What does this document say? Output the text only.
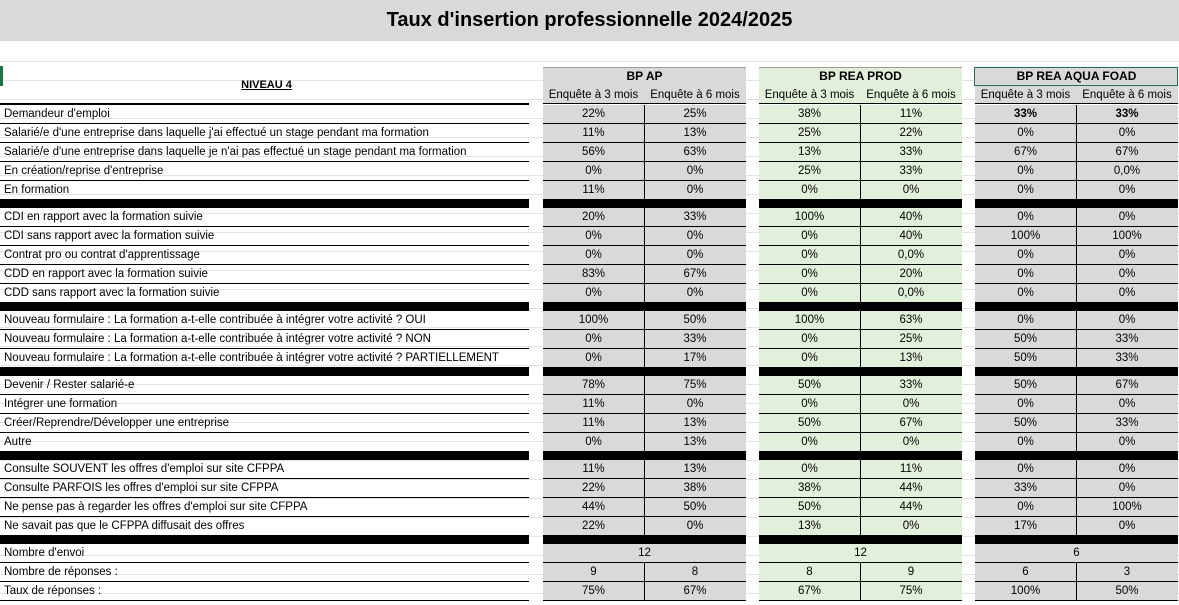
Taux d'insertion professionnelle 2024/2025
BP AP
Enquête à 3 mois	Enquête à 6 mois
BP REA PROD
Enquête à 3 mois	Enquête à 6 mois
BP REA AQUA FOAD
Enquête à 3 mois	Enquête à 6 mois
NIVEAU 4
Demandeur d'emploi	22%	25%	38%	11%	33%	33%
Salarié/e d'une entreprise dans laquelle j'ai effectué un stage pendant ma formation	11%	13%	25%	22%	0%	0%
Salarié/e d'une entreprise dans laquelle je n'ai pas effectué un stage pendant ma formation	56%	63%	13%	33%	67%	67%
En création/reprise d'entreprise	0%	0%	25%	33%	0%	0,0%
En formation	11%	0%	0%	0%	0%	0%
CDI en rapport avec la formation suivie	20%	33%	100%	40%	0%	0%
CDI sans rapport avec la formation suivie	0%	0%	0%	40%	100%	100%
Contrat pro ou contrat d'apprentissage	0%	0%	0%	0,0%	0%	0%
CDD en rapport avec la formation suivie	83%	67%	0%	20%	0%	0%
CDD sans rapport avec la formation suivie	0%	0%	0%	0,0%	0%	0%
Nouveau formulaire : La formation a-t-elle contribuée à intégrer votre activité ? OUI	100%	50%	100%	63%	0%	0%
Nouveau formulaire : La formation a-t-elle contribuée à intégrer votre activité ? NON	0%	33%	0%	25%	50%	33%
Nouveau formulaire : La formation a-t-elle contribuée à intégrer votre activité ? PARTIELLEMENT	0%	17%	0%	13%	50%	33%
Devenir / Rester salarié-e	78%	75%	50%	33%	50%	67%
Intégrer une formation	11%	0%	0%	0%	0%	0%
Créer/Reprendre/Développer une entreprise	11%	13%	50%	67%	50%	33%
Autre	0%	13%	0%	0%	0%	0%
Consulte SOUVENT les offres d'emploi sur site CFPPA	11%	13%	0%	11%	0%	0%
Consulte PARFOIS les offres d'emploi sur site CFPPA	22%	38%	38%	44%	33%	0%
Ne pense pas à regarder les offres d'emploi sur site CFPPA	44%	50%	50%	44%	0%	100%
Ne savait pas que le CFPPA diffusait des offres	22%	0%	13%	0%	17%	0%
Nombre d'envoi	12	12	6
Nombre de réponses :	9	8	8	9	6	3
Taux de réponses :	75%	67%	67%	75%	100%	50%
